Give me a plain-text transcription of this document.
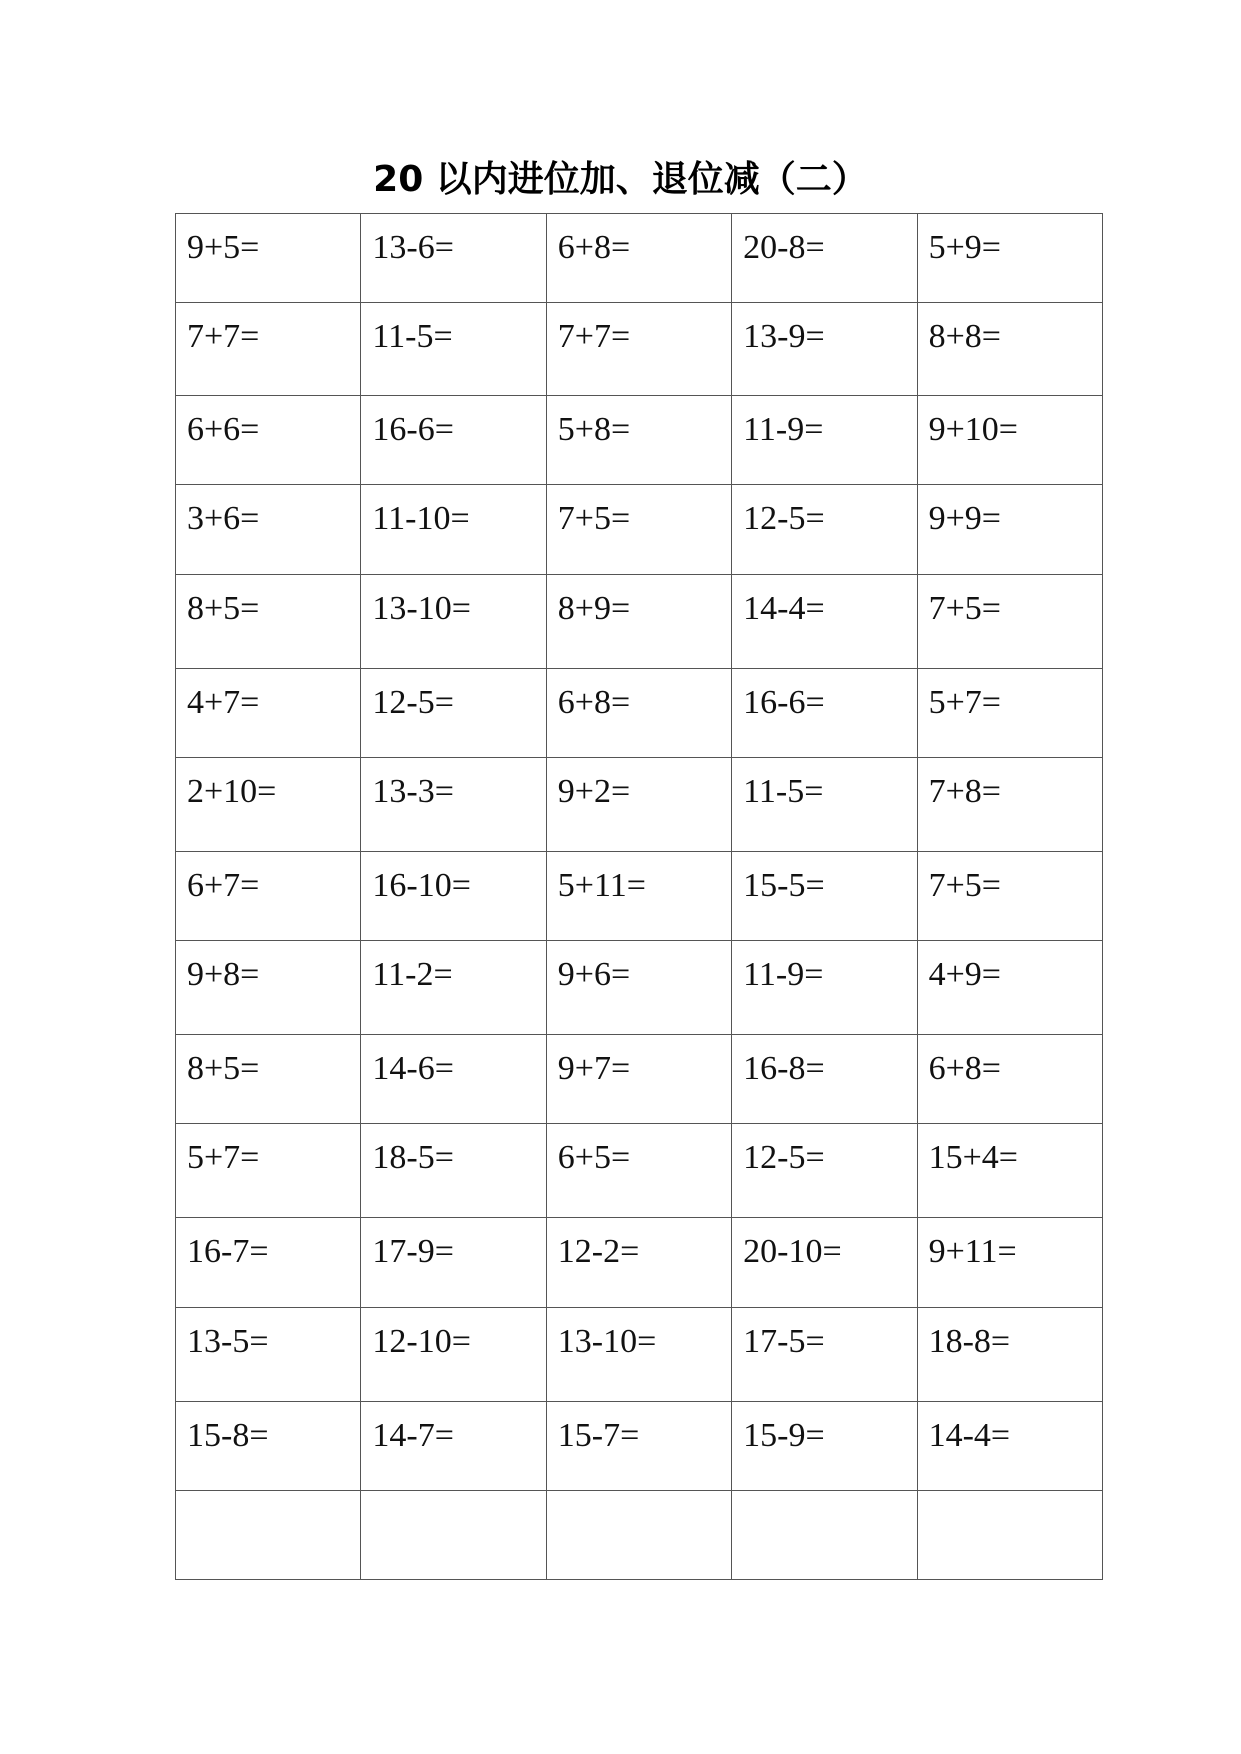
20 以内进位加、退位减（二）
9+5=	13-6=	6+8=	20-8=	5+9=
7+7=	11-5=	7+7=	13-9=	8+8=
6+6=	16-6=	5+8=	11-9=	9+10=
3+6=	11-10=	7+5=	12-5=	9+9=
8+5=	13-10=	8+9=	14-4=	7+5=
4+7=	12-5=	6+8=	16-6=	5+7=
2+10=	13-3=	9+2=	11-5=	7+8=
6+7=	16-10=	5+11=	15-5=	7+5=
9+8=	11-2=	9+6=	11-9=	4+9=
8+5=	14-6=	9+7=	16-8=	6+8=
5+7=	18-5=	6+5=	12-5=	15+4=
16-7=	17-9=	12-2=	20-10=	9+11=
13-5=	12-10=	13-10=	17-5=	18-8=
15-8=	14-7=	15-7=	15-9=	14-4=
